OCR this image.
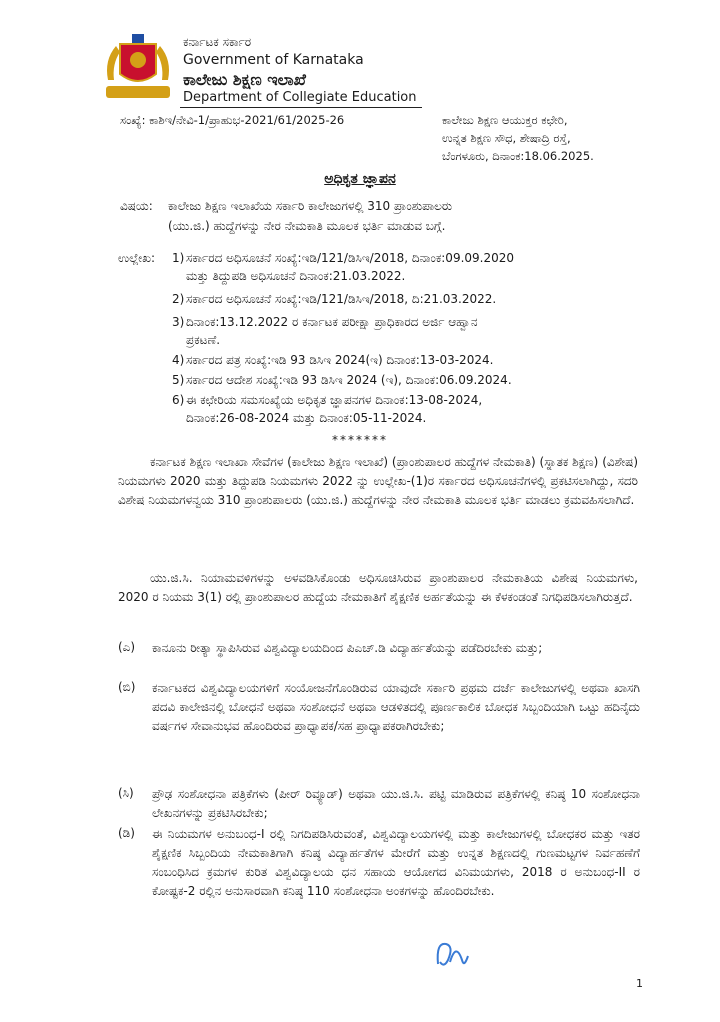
ಕರ್ನಾಟಕ ಸರ್ಕಾರ
Government of Karnataka
ಕಾಲೇಜು ಶಿಕ್ಷಣ ಇಲಾಖೆ
Department of Collegiate Education
ಸಂಖ್ಯೆ: ಕಾಶಿಇ/ನೇವಿ-1/ಪ್ರಾಹುಭ-2021/61/2025-26	ಕಾಲೇಜು ಶಿಕ್ಷಣ ಆಯುಕ್ತರ ಕಛೇರಿ,
ಉನ್ನತ ಶಿಕ್ಷಣ ಸೌಧ, ಶೇಷಾದ್ರಿ ರಸ್ತೆ,
ಬೆಂಗಳೂರು, ದಿನಾಂಕ:18.06.2025.
ಅಧಿಕೃತ ಜ್ಞಾಪನ
ವಿಷಯ: ಕಾಲೇಜು ಶಿಕ್ಷಣ ಇಲಾಖೆಯ ಸರ್ಕಾರಿ ಕಾಲೇಜುಗಳಲ್ಲಿ 310 ಪ್ರಾಂಶುಪಾಲರು
(ಯು.ಜಿ.) ಹುದ್ದೆಗಳನ್ನು ನೇರ ನೇಮಕಾತಿ ಮೂಲಕ ಭರ್ತಿ ಮಾಡುವ ಬಗ್ಗೆ.
ಉಲ್ಲೇಖ: 1) ಸರ್ಕಾರದ ಅಧಿಸೂಚನೆ ಸಂಖ್ಯೆ:ಇಡಿ/121/ಡಿಸಿಇ/2018, ದಿನಾಂಕ:09.09.2020
ಮತ್ತು ತಿದ್ದುಪಡಿ ಅಧಿಸೂಚನೆ ದಿನಾಂಕ:21.03.2022.
2) ಸರ್ಕಾರದ ಅಧಿಸೂಚನೆ ಸಂಖ್ಯೆ:ಇಡಿ/121/ಡಿಸಿಇ/2018, ದಿ:21.03.2022.
3) ದಿನಾಂಕ:13.12.2022 ರ ಕರ್ನಾಟಕ ಪರೀಕ್ಷಾ ಪ್ರಾಧಿಕಾರದ ಅರ್ಜಿ ಆಹ್ವಾನ
ಪ್ರಕಟಣೆ.
4) ಸರ್ಕಾರದ ಪತ್ರ ಸಂಖ್ಯೆ:ಇಡಿ 93 ಡಿಸಿಇ 2024(ಇ) ದಿನಾಂಕ:13-03-2024.
5) ಸರ್ಕಾರದ ಆದೇಶ ಸಂಖ್ಯೆ:ಇಡಿ 93 ಡಿಸಿಇ 2024 (ಇ), ದಿನಾಂಕ:06.09.2024.
6) ಈ ಕಛೇರಿಯ ಸಮಸಂಖ್ಯೆಯ ಅಧಿಕೃತ ಜ್ಞಾಪನಗಳ ದಿನಾಂಕ:13-08-2024,
ದಿನಾಂಕ:26-08-2024 ಮತ್ತು ದಿನಾಂಕ:05-11-2024.
*******
ಕರ್ನಾಟಕ ಶಿಕ್ಷಣ ಇಲಾಖಾ ಸೇವೆಗಳ (ಕಾಲೇಜು ಶಿಕ್ಷಣ ಇಲಾಖೆ) (ಪ್ರಾಂಶುಪಾಲರ ಹುದ್ದೆಗಳ ನೇಮಕಾತಿ) (ಸ್ನಾತಕ ಶಿಕ್ಷಣ) (ವಿಶೇಷ) ನಿಯಮಗಳು 2020 ಮತ್ತು ತಿದ್ದುಪಡಿ ನಿಯಮಗಳು 2022 ನ್ನು ಉಲ್ಲೇಖ-(1)ರ ಸರ್ಕಾರದ ಅಧಿಸೂಚನೆಗಳಲ್ಲಿ ಪ್ರಕಟಿಸಲಾಗಿದ್ದು, ಸದರಿ ವಿಶೇಷ ನಿಯಮಗಳನ್ವಯ 310 ಪ್ರಾಂಶುಪಾಲರು (ಯು.ಜಿ.) ಹುದ್ದೆಗಳನ್ನು ನೇರ ನೇಮಕಾತಿ ಮೂಲಕ ಭರ್ತಿ ಮಾಡಲು ಕ್ರಮವಹಿಸಲಾಗಿದೆ.
ಯು.ಜಿ.ಸಿ. ನಿಯಾಮವಳಿಗಳನ್ನು ಅಳವಡಿಸಿಕೊಂಡು ಅಧಿಸೂಚಿಸಿರುವ ಪ್ರಾಂಶುಪಾಲರ ನೇಮಕಾತಿಯ ವಿಶೇಷ ನಿಯಮಗಳು, 2020 ರ ನಿಯಮ 3(1) ರಲ್ಲಿ ಪ್ರಾಂಶುಪಾಲರ ಹುದ್ದೆಯ ನೇಮಕಾತಿಗೆ ಶೈಕ್ಷಣಿಕ ಅರ್ಹತೆಯನ್ನು ಈ ಕೆಳಕಂಡಂತೆ ನಿಗಧಿಪಡಿಸಲಾಗಿರುತ್ತದೆ.
(ಎ) ಕಾನೂನು ರೀತ್ಯಾ ಸ್ಥಾಪಿಸಿರುವ ವಿಶ್ವವಿದ್ಯಾಲಯದಿಂದ ಪಿಎಚ್.ಡಿ ವಿದ್ಯಾರ್ಹತೆಯನ್ನು ಪಡೆದಿರಬೇಕು ಮತ್ತು;
(ಬಿ) ಕರ್ನಾಟಕದ ವಿಶ್ವವಿದ್ಯಾಲಯಗಳಿಗೆ ಸಂಯೋಜನೆಗೊಂಡಿರುವ ಯಾವುದೇ ಸರ್ಕಾರಿ ಪ್ರಥಮ ದರ್ಜೆ ಕಾಲೇಜುಗಳಲ್ಲಿ ಅಥವಾ ಖಾಸಗಿ ಪದವಿ ಕಾಲೇಜಿನಲ್ಲಿ ಬೋಧನೆ ಅಥವಾ ಸಂಶೋಧನೆ ಅಥವಾ ಆಡಳಿತದಲ್ಲಿ ಪೂರ್ಣಕಾಲಿಕ ಬೋಧಕ ಸಿಬ್ಬಂದಿಯಾಗಿ ಒಟ್ಟು ಹದಿನೈದು ವರ್ಷಗಳ ಸೇವಾನುಭವ ಹೊಂದಿರುವ ಪ್ರಾಧ್ಯಾಪಕ/ಸಹ ಪ್ರಾಧ್ಯಾಪಕರಾಗಿರಬೇಕು;
(ಸಿ) ಪ್ರೌಢ ಸಂಶೋಧನಾ ಪತ್ರಿಕೆಗಳು (ಪೀರ್ ರಿವ್ಯೂಡ್) ಅಥವಾ ಯು.ಜಿ.ಸಿ. ಪಟ್ಟಿ ಮಾಡಿರುವ ಪತ್ರಿಕೆಗಳಲ್ಲಿ ಕನಿಷ್ಠ 10 ಸಂಶೋಧನಾ ಲೇಖನಗಳನ್ನು ಪ್ರಕಟಿಸಿರಬೇಕು;
(ಡಿ) ಈ ನಿಯಮಗಳ ಅನುಬಂಧ-I ರಲ್ಲಿ ನಿಗದಿಪಡಿಸಿರುವಂತೆ, ವಿಶ್ವವಿದ್ಯಾಲಯಗಳಲ್ಲಿ ಮತ್ತು ಕಾಲೇಜುಗಳಲ್ಲಿ ಬೋಧಕರ ಮತ್ತು ಇತರ ಶೈಕ್ಷಣಿಕ ಸಿಬ್ಬಂದಿಯ ನೇಮಕಾತಿಗಾಗಿ ಕನಿಷ್ಠ ವಿದ್ಯಾರ್ಹತೆಗಳ ಮೇರೆಗೆ ಮತ್ತು ಉನ್ನತ ಶಿಕ್ಷಣದಲ್ಲಿ ಗುಣಮಟ್ಟಗಳ ನಿರ್ವಹಣೆಗೆ ಸಂಬಂಧಿಸಿದ ಕ್ರಮಗಳ ಕುರಿತ ವಿಶ್ವವಿದ್ಯಾಲಯ ಧನ ಸಹಾಯ ಆಯೋಗದ ವಿನಿಮಯಗಳು, 2018 ರ ಅನುಬಂಧ-II ರ ಕೋಷ್ಟಕ-2 ರಲ್ಲಿನ ಅನುಸಾರವಾಗಿ ಕನಿಷ್ಠ 110 ಸಂಶೋಧನಾ ಅಂಕಗಳನ್ನು ಹೊಂದಿರಬೇಕು.
1
